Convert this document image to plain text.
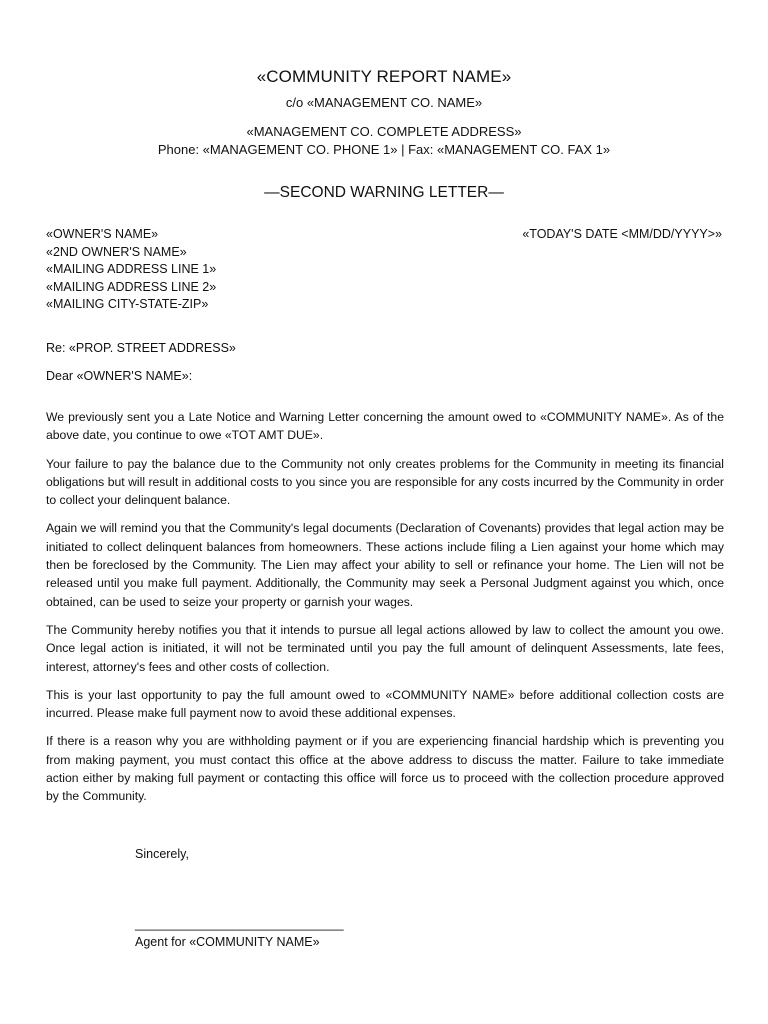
«COMMUNITY REPORT NAME»
c/o «MANAGEMENT CO. NAME»
«MANAGEMENT CO. COMPLETE ADDRESS»
Phone: «MANAGEMENT CO. PHONE 1» | Fax: «MANAGEMENT CO. FAX 1»
—SECOND WARNING LETTER—
«OWNER'S NAME»
«2ND OWNER'S NAME»
«MAILING ADDRESS LINE 1»
«MAILING ADDRESS LINE 2»
«MAILING CITY-STATE-ZIP»
«TODAY'S DATE <MM/DD/YYYY>»
Re: «PROP. STREET ADDRESS»
Dear «OWNER'S NAME»:

We previously sent you a Late Notice and Warning Letter concerning the amount owed to «COMMUNITY NAME». As of the above date, you continue to owe «TOT AMT DUE».

Your failure to pay the balance due to the Community not only creates problems for the Community in meeting its financial obligations but will result in additional costs to you since you are responsible for any costs incurred by the Community in order to collect your delinquent balance.

Again we will remind you that the Community's legal documents (Declaration of Covenants) provides that legal action may be initiated to collect delinquent balances from homeowners. These actions include filing a Lien against your home which may then be foreclosed by the Community. The Lien may affect your ability to sell or refinance your home. The Lien will not be released until you make full payment. Additionally, the Community may seek a Personal Judgment against you which, once obtained, can be used to seize your property or garnish your wages.

The Community hereby notifies you that it intends to pursue all legal actions allowed by law to collect the amount you owe. Once legal action is initiated, it will not be terminated until you pay the full amount of delinquent Assessments, late fees, interest, attorney's fees and other costs of collection.

This is your last opportunity to pay the full amount owed to «COMMUNITY NAME» before additional collection costs are incurred. Please make full payment now to avoid these additional expenses.

If there is a reason why you are withholding payment or if you are experiencing financial hardship which is preventing you from making payment, you must contact this office at the above address to discuss the matter. Failure to take immediate action either by making full payment or contacting this office will force us to proceed with the collection procedure approved by the Community.

Sincerely,
______________________________
Agent for «COMMUNITY NAME»
